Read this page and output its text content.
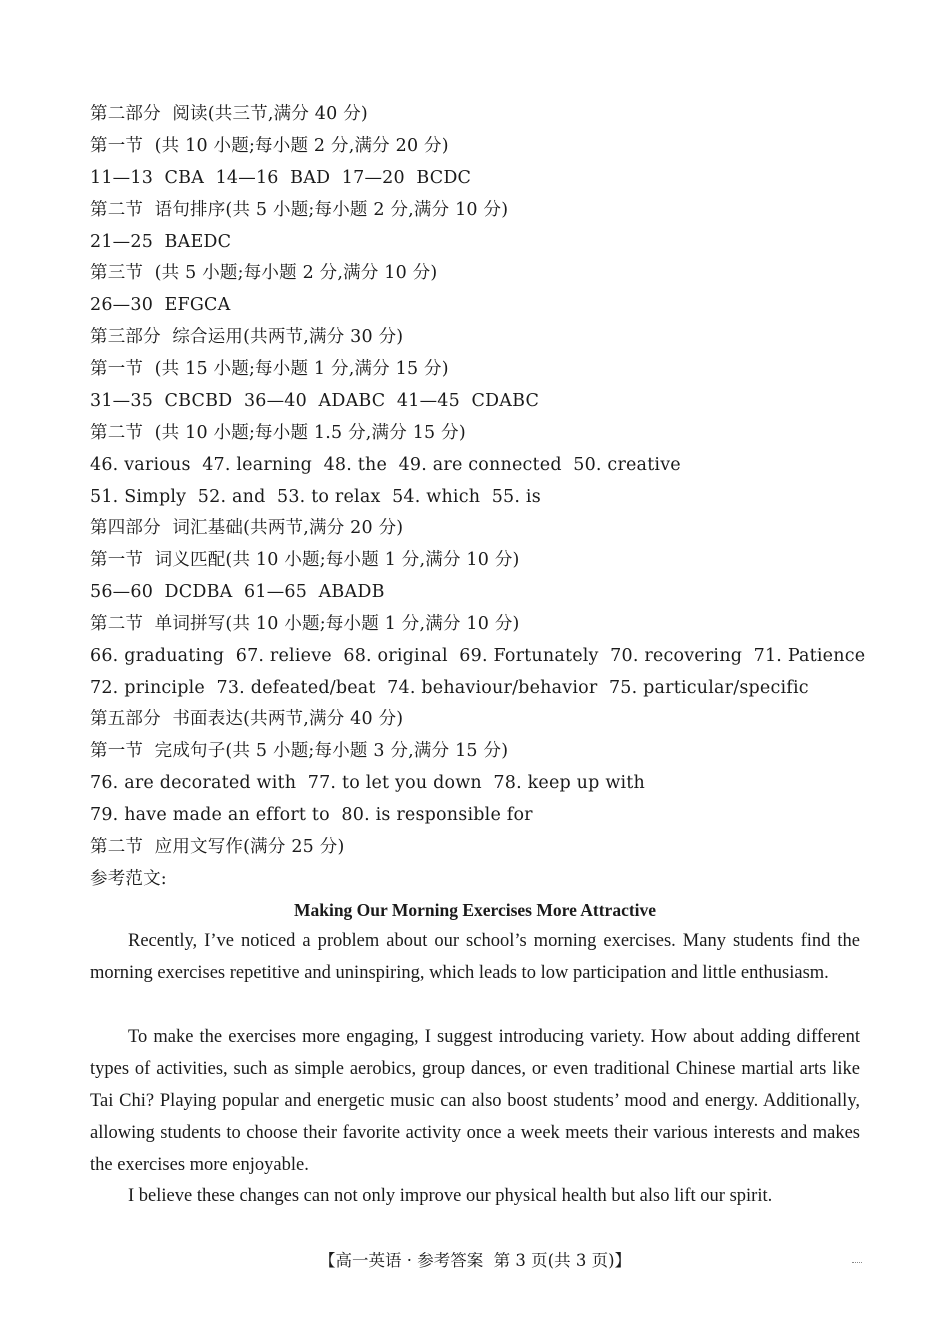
第二部分  阅读(共三节,满分 40 分)
第一节  (共 10 小题;每小题 2 分,满分 20 分)
11—13  CBA  14—16  BAD  17—20  BCDC
第二节  语句排序(共 5 小题;每小题 2 分,满分 10 分)
21—25  BAEDC
第三节  (共 5 小题;每小题 2 分,满分 10 分)
26—30  EFGCA
第三部分  综合运用(共两节,满分 30 分)
第一节  (共 15 小题;每小题 1 分,满分 15 分)
31—35  CBCBD  36—40  ADABC  41—45  CDABC
第二节  (共 10 小题;每小题 1.5 分,满分 15 分)
46. various  47. learning  48. the  49. are connected  50. creative
51. Simply  52. and  53. to relax  54. which  55. is
第四部分  词汇基础(共两节,满分 20 分)
第一节  词义匹配(共 10 小题;每小题 1 分,满分 10 分)
56—60  DCDBA  61—65  ABADB
第二节  单词拼写(共 10 小题;每小题 1 分,满分 10 分)
66. graduating  67. relieve  68. original  69. Fortunately  70. recovering  71. Patience
72. principle  73. defeated/beat  74. behaviour/behavior  75. particular/specific
第五部分  书面表达(共两节,满分 40 分)
第一节  完成句子(共 5 小题;每小题 3 分,满分 15 分)
76. are decorated with  77. to let you down  78. keep up with
79. have made an effort to  80. is responsible for
第二节  应用文写作(满分 25 分)
参考范文:
Making Our Morning Exercises More Attractive
Recently, I’ve noticed a problem about our school’s morning exercises. Many students find the morning exercises repetitive and uninspiring, which leads to low participation and little enthusiasm.
To make the exercises more engaging, I suggest introducing variety. How about adding different types of activities, such as simple aerobics, group dances, or even traditional Chinese martial arts like Tai Chi? Playing popular and energetic music can also boost students’ mood and energy. Additionally, allowing students to choose their favorite activity once a week meets their various interests and makes the exercises more enjoyable.
I believe these changes can not only improve our physical health but also lift our spirit.
【高一英语 · 参考答案  第 3 页(共 3 页)】
